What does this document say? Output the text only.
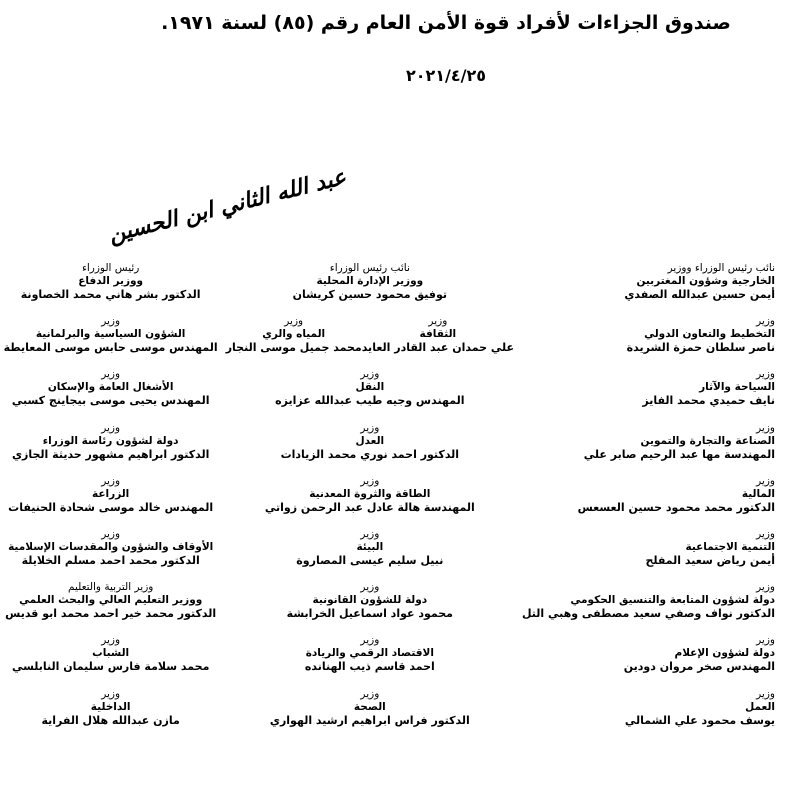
صندوق الجزاءات لأفراد قوة الأمن العام رقم (٨٥) لسنة ١٩٧١.
٢٠٢١/٤/٢٥
عبد الله الثاني ابن الحسين
نائب رئيس الوزراء ووزير
الخارجية وشؤون المغتربين
أيمن حسين عبدالله الصفدي
نائب رئيس الوزراء
ووزير الإدارة المحلية
توفيق محمود حسين كريشان
رئيس الوزراء
ووزير الدفاع
الدكتور بشر هاني محمد الخصاونة
وزير
التخطيط والتعاون الدولي
ناصر سلطان حمزة الشريدة
وزير
الثقافة
علي حمدان عبد القادر العايد
وزير
المياه والري
محمد جميل موسى النجار
وزير
الشؤون السياسية والبرلمانية
المهندس موسى حابس موسى المعايطة
وزير
السياحة والآثار
نايف حميدي محمد الفايز
وزير
النقل
المهندس وجيه طيب عبدالله عزايزه
وزير
الأشغال العامة والإسكان
المهندس يحيى موسى بيجاينج كسبي
وزير
الصناعة والتجارة والتموين
المهندسة مها عبد الرحيم صابر علي
وزير
العدل
الدكتور احمد نوري محمد الزيادات
وزير
دولة لشؤون رئاسة الوزراء
الدكتور ابراهيم مشهور حديثة الجازي
وزير
المالية
الدكتور محمد محمود حسين العسعس
وزير
الطاقة والثروة المعدنية
المهندسة هالة عادل عبد الرحمن زواتي
وزير
الزراعة
المهندس خالد موسى شحادة الحنيفات
وزير
التنمية الاجتماعية
أيمن رياض سعيد المفلح
وزير
البيئة
نبيل سليم عيسى المصاروة
وزير
الأوقاف والشؤون والمقدسات الإسلامية
الدكتور محمد احمد مسلم الخلايلة
وزير
دولة لشؤون المتابعة والتنسيق الحكومي
الدكتور نواف وصفي سعيد مصطفى وهبي التل
وزير
دولة للشؤون القانونية
محمود عواد اسماعيل الخرابشة
وزير التربية والتعليم
ووزير التعليم العالي والبحث العلمي
الدكتور محمد خير احمد محمد ابو قديس
وزير
دولة لشؤون الإعلام
المهندس صخر مروان دودين
وزير
الاقتصاد الرقمي والريادة
احمد قاسم ذيب الهنانده
وزير
الشباب
محمد سلامة فارس سليمان النابلسي
وزير
العمل
يوسف محمود علي الشمالي
وزير
الصحة
الدكتور فراس ابراهيم ارشيد الهواري
وزير
الداخلية
مازن عبدالله هلال الفراية
